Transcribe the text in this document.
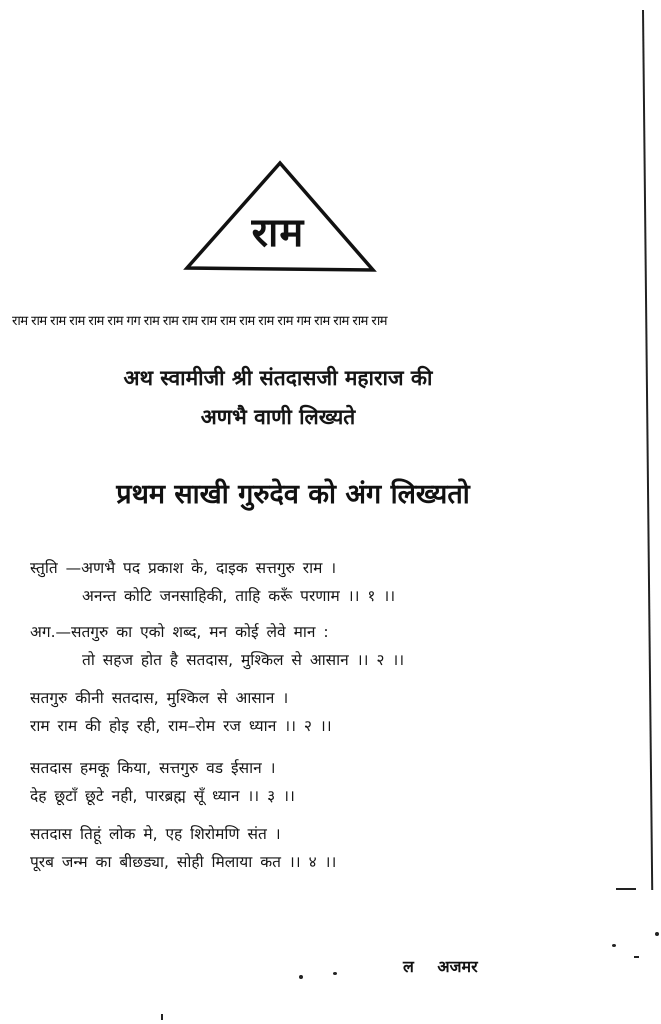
राम
राम राम राम राम राम राम गग राम राम राम राम राम राम राम राम गम राम राम राम राम
अथ स्वामीजी श्री संतदासजी महाराज की
अणभै वाणी लिख्यते
प्रथम साखी गुरुदेव को अंग लिख्यतो
स्तुति —अणभै पद प्रकाश के, दाइक सत्तगुरु राम ।
अनन्त कोटि जनसाहिकी, ताहि करूँ परणाम ।। १ ।।
अग.—सतगुरु का एको शब्द, मन कोई लेवे मान :
तो सहज होत है सतदास, मुश्किल से आसान ।। २ ।।
सतगुरु कीनी सतदास, मुश्किल से आसान ।
राम राम की होइ रही, राम–रोम रज ध्यान ।। २ ।।
सतदास हमकू किया, सत्तगुरु वड ईसान ।
देह छूटाँ छूटे नही, पारब्रह्म सूँ ध्यान ।। ३ ।।
सतदास तिहूं लोक मे, एह शिरोमणि संत ।
पूरब जन्म का बीछड्या, सोही मिलाया कत ।। ४ ।।
ल अजमर
